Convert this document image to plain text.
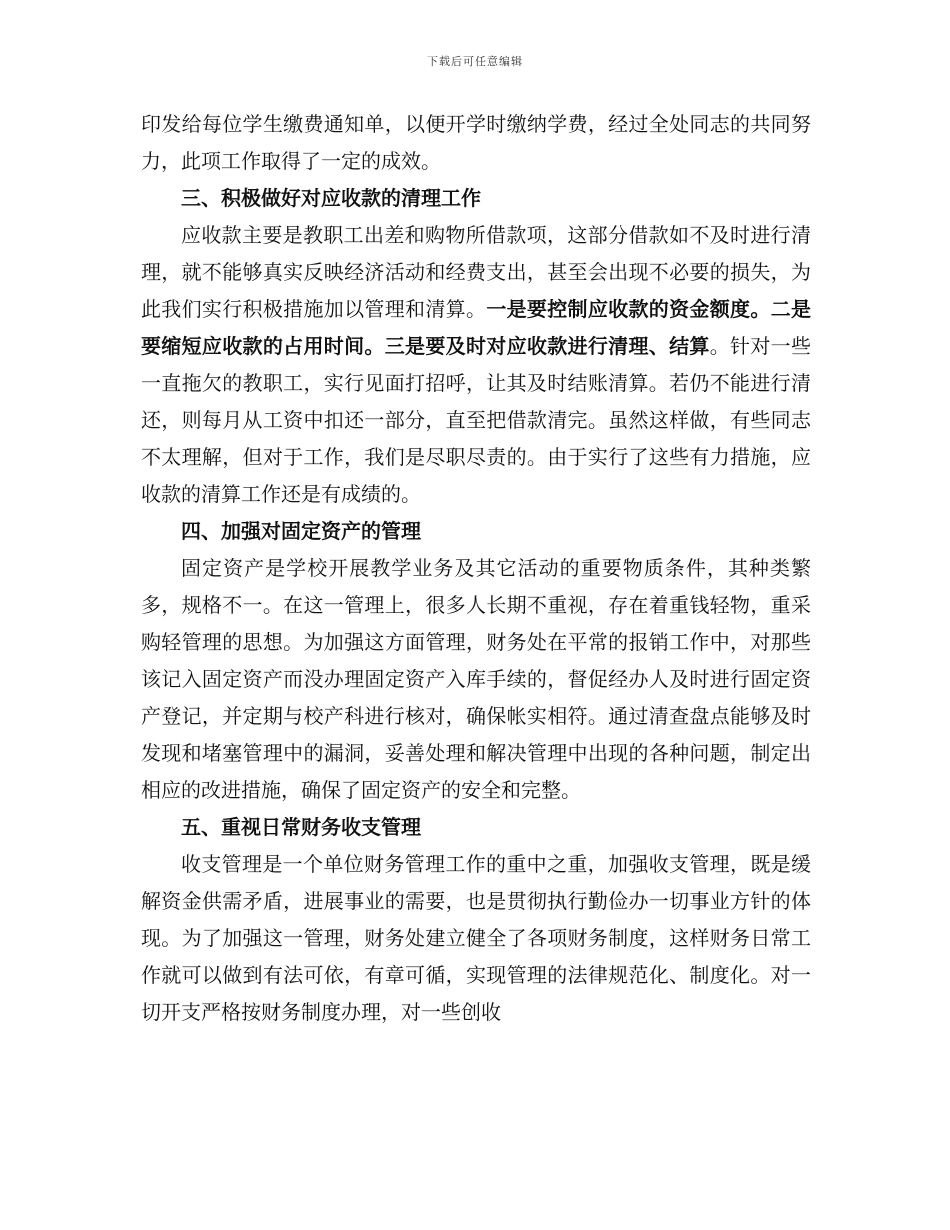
下载后可任意编辑

印发给每位学生缴费通知单，以便开学时缴纳学费，经过全处同志的共同努力，此项工作取得了一定的成效。

三、积极做好对应收款的清理工作

应收款主要是教职工出差和购物所借款项，这部分借款如不及时进行清理，就不能够真实反映经济活动和经费支出，甚至会出现不必要的损失，为此我们实行积极措施加以管理和清算。一是要控制应收款的资金额度。二是要缩短应收款的占用时间。三是要及时对应收款进行清理、结算。针对一些一直拖欠的教职工，实行见面打招呼，让其及时结账清算。若仍不能进行清还，则每月从工资中扣还一部分，直至把借款清完。虽然这样做，有些同志不太理解，但对于工作，我们是尽职尽责的。由于实行了这些有力措施，应收款的清算工作还是有成绩的。

四、加强对固定资产的管理

固定资产是学校开展教学业务及其它活动的重要物质条件，其种类繁多，规格不一。在这一管理上，很多人长期不重视，存在着重钱轻物，重采购轻管理的思想。为加强这方面管理，财务处在平常的报销工作中，对那些该记入固定资产而没办理固定资产入库手续的，督促经办人及时进行固定资产登记，并定期与校产科进行核对，确保帐实相符。通过清查盘点能够及时发现和堵塞管理中的漏洞，妥善处理和解决管理中出现的各种问题，制定出相应的改进措施，确保了固定资产的安全和完整。

五、重视日常财务收支管理

收支管理是一个单位财务管理工作的重中之重，加强收支管理，既是缓解资金供需矛盾，进展事业的需要，也是贯彻执行勤俭办一切事业方针的体现。为了加强这一管理，财务处建立健全了各项财务制度，这样财务日常工作就可以做到有法可依，有章可循，实现管理的法律规范化、制度化。对一切开支严格按财务制度办理，对一些创收
